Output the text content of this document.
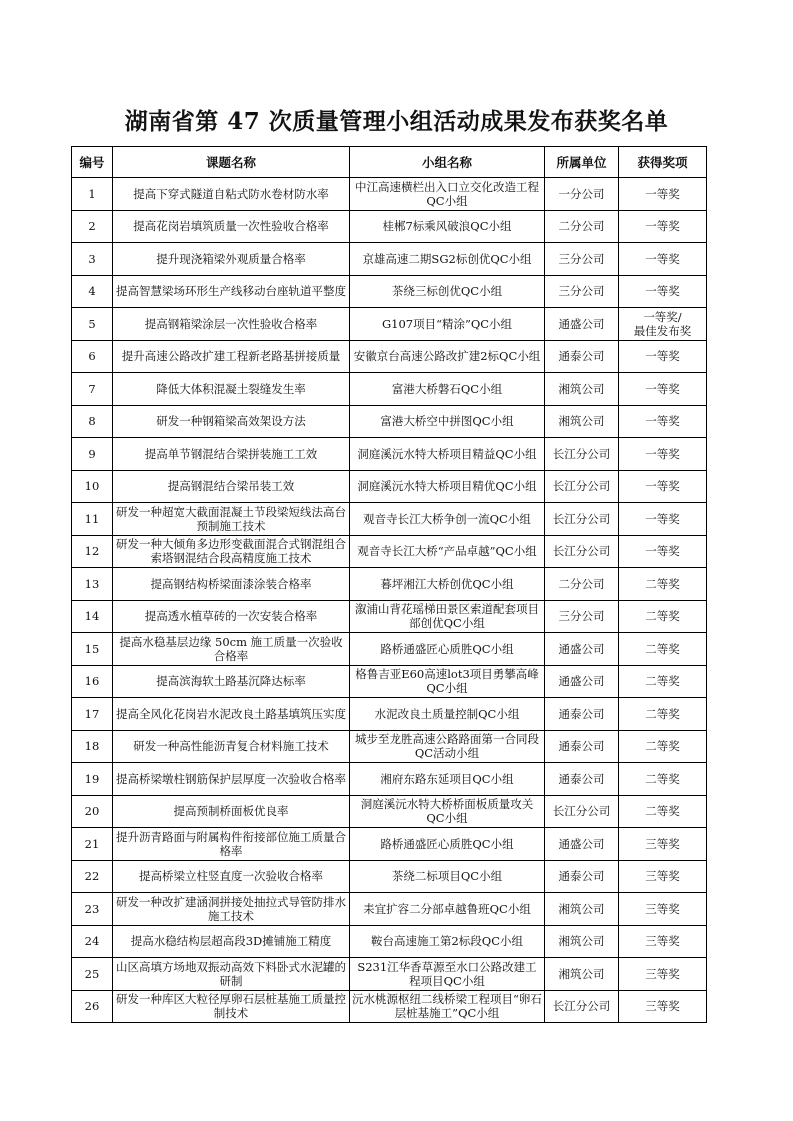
湖南省第 47 次质量管理小组活动成果发布获奖名单
编号	课题名称	小组名称	所属单位	获得奖项
1	提高下穿式隧道自粘式防水卷材防水率	中江高速横栏出入口立交化改造工程QC小组	一分公司	一等奖
2	提高花岗岩填筑质量一次性验收合格率	桂郴7标乘风破浪QC小组	二分公司	一等奖
3	提升现浇箱梁外观质量合格率	京雄高速二期SG2标创优QC小组	三分公司	一等奖
4	提高智慧梁场环形生产线移动台座轨道平整度	茶绕三标创优QC小组	三分公司	一等奖
5	提高钢箱梁涂层一次性验收合格率	G107项目“精涂”QC小组	通盛公司	一等奖/
最佳发布奖
6	提升高速公路改扩建工程新老路基拼接质量	安徽京台高速公路改扩建2标QC小组	通泰公司	一等奖
7	降低大体积混凝土裂缝发生率	富港大桥磐石QC小组	湘筑公司	一等奖
8	研发一种钢箱梁高效架设方法	富港大桥空中拼图QC小组	湘筑公司	一等奖
9	提高单节钢混结合梁拼装施工工效	洞庭溪沅水特大桥项目精益QC小组	长江分公司	一等奖
10	提高钢混结合梁吊装工效	洞庭溪沅水特大桥项目精优QC小组	长江分公司	一等奖
11	研发一种超宽大截面混凝土节段梁短线法高台预制施工技术	观音寺长江大桥争创一流QC小组	长江分公司	一等奖
12	研发一种大倾角多边形变截面混合式钢混组合索塔钢混结合段高精度施工技术	观音寺长江大桥“产品卓越”QC小组	长江分公司	一等奖
13	提高钢结构桥梁面漆涂装合格率	暮坪湘江大桥创优QC小组	二分公司	二等奖
14	提高透水植草砖的一次安装合格率	溆浦山背花瑶梯田景区索道配套项目部创优QC小组	三分公司	二等奖
15	提高水稳基层边缘 50cm 施工质量一次验收合格率	路桥通盛匠心质胜QC小组	通盛公司	二等奖
16	提高滨海软土路基沉降达标率	格鲁吉亚E60高速lot3项目勇攀高峰QC小组	通盛公司	二等奖
17	提高全风化花岗岩水泥改良土路基填筑压实度	水泥改良土质量控制QC小组	通泰公司	二等奖
18	研发一种高性能沥青复合材料施工技术	城步至龙胜高速公路路面第一合同段QC活动小组	通泰公司	二等奖
19	提高桥梁墩柱钢筋保护层厚度一次验收合格率	湘府东路东延项目QC小组	通泰公司	二等奖
20	提高预制桥面板优良率	洞庭溪沅水特大桥桥面板质量攻关QC小组	长江分公司	二等奖
21	提升沥青路面与附属构件衔接部位施工质量合格率	路桥通盛匠心质胜QC小组	通盛公司	三等奖
22	提高桥梁立柱竖直度一次验收合格率	茶绕二标项目QC小组	通泰公司	三等奖
23	研发一种改扩建涵洞拼接处抽拉式导管防排水施工技术	耒宜扩容二分部卓越鲁班QC小组	湘筑公司	三等奖
24	提高水稳结构层超高段3D摊铺施工精度	鞍台高速施工第2标段QC小组	湘筑公司	三等奖
25	山区高填方场地双振动高效下料卧式水泥罐的研制	S231江华香草源至水口公路改建工程项目QC小组	湘筑公司	三等奖
26	研发一种库区大粒径厚卵石层桩基施工质量控制技术	沅水桃源枢纽二线桥梁工程项目“卵石层桩基施工”QC小组	长江分公司	三等奖
